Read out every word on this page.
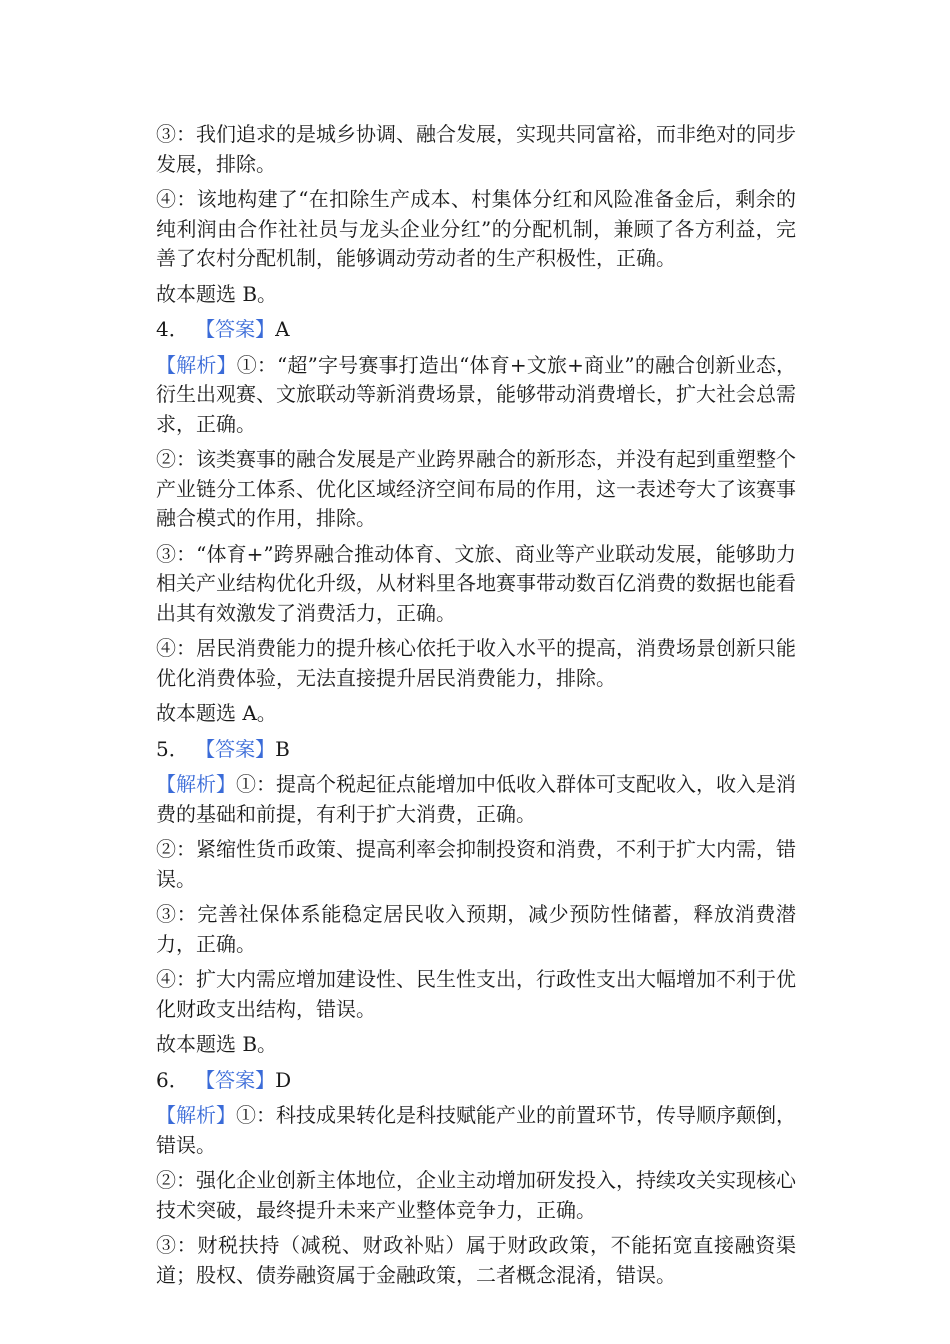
③：我们追求的是城乡协调、融合发展，实现共同富裕，而非绝对的同步发展，排除。

④：该地构建了“在扣除生产成本、村集体分红和风险准备金后，剩余的纯利润由合作社社员与龙头企业分红”的分配机制，兼顾了各方利益，完善了农村分配机制，能够调动劳动者的生产积极性，正确。

故本题选 B。

4． 【答案】A

【解析】①：“超”字号赛事打造出“体育+文旅+商业”的融合创新业态，衍生出观赛、文旅联动等新消费场景，能够带动消费增长，扩大社会总需求，正确。

②：该类赛事的融合发展是产业跨界融合的新形态，并没有起到重塑整个产业链分工体系、优化区域经济空间布局的作用，这一表述夸大了该赛事融合模式的作用，排除。

③：“体育+”跨界融合推动体育、文旅、商业等产业联动发展，能够助力相关产业结构优化升级，从材料里各地赛事带动数百亿消费的数据也能看出其有效激发了消费活力，正确。

④：居民消费能力的提升核心依托于收入水平的提高，消费场景创新只能优化消费体验，无法直接提升居民消费能力，排除。

故本题选 A。

5． 【答案】B

【解析】①：提高个税起征点能增加中低收入群体可支配收入，收入是消费的基础和前提，有利于扩大消费，正确。

②：紧缩性货币政策、提高利率会抑制投资和消费，不利于扩大内需，错误。

③：完善社保体系能稳定居民收入预期，减少预防性储蓄，释放消费潜力，正确。

④：扩大内需应增加建设性、民生性支出，行政性支出大幅增加不利于优化财政支出结构，错误。

故本题选 B。

6． 【答案】D

【解析】①：科技成果转化是科技赋能产业的前置环节，传导顺序颠倒，错误。

②：强化企业创新主体地位，企业主动增加研发投入，持续攻关实现核心技术突破，最终提升未来产业整体竞争力，正确。

③：财税扶持（减税、财政补贴）属于财政政策，不能拓宽直接融资渠道；股权、债券融资属于金融政策，二者概念混淆，错误。
